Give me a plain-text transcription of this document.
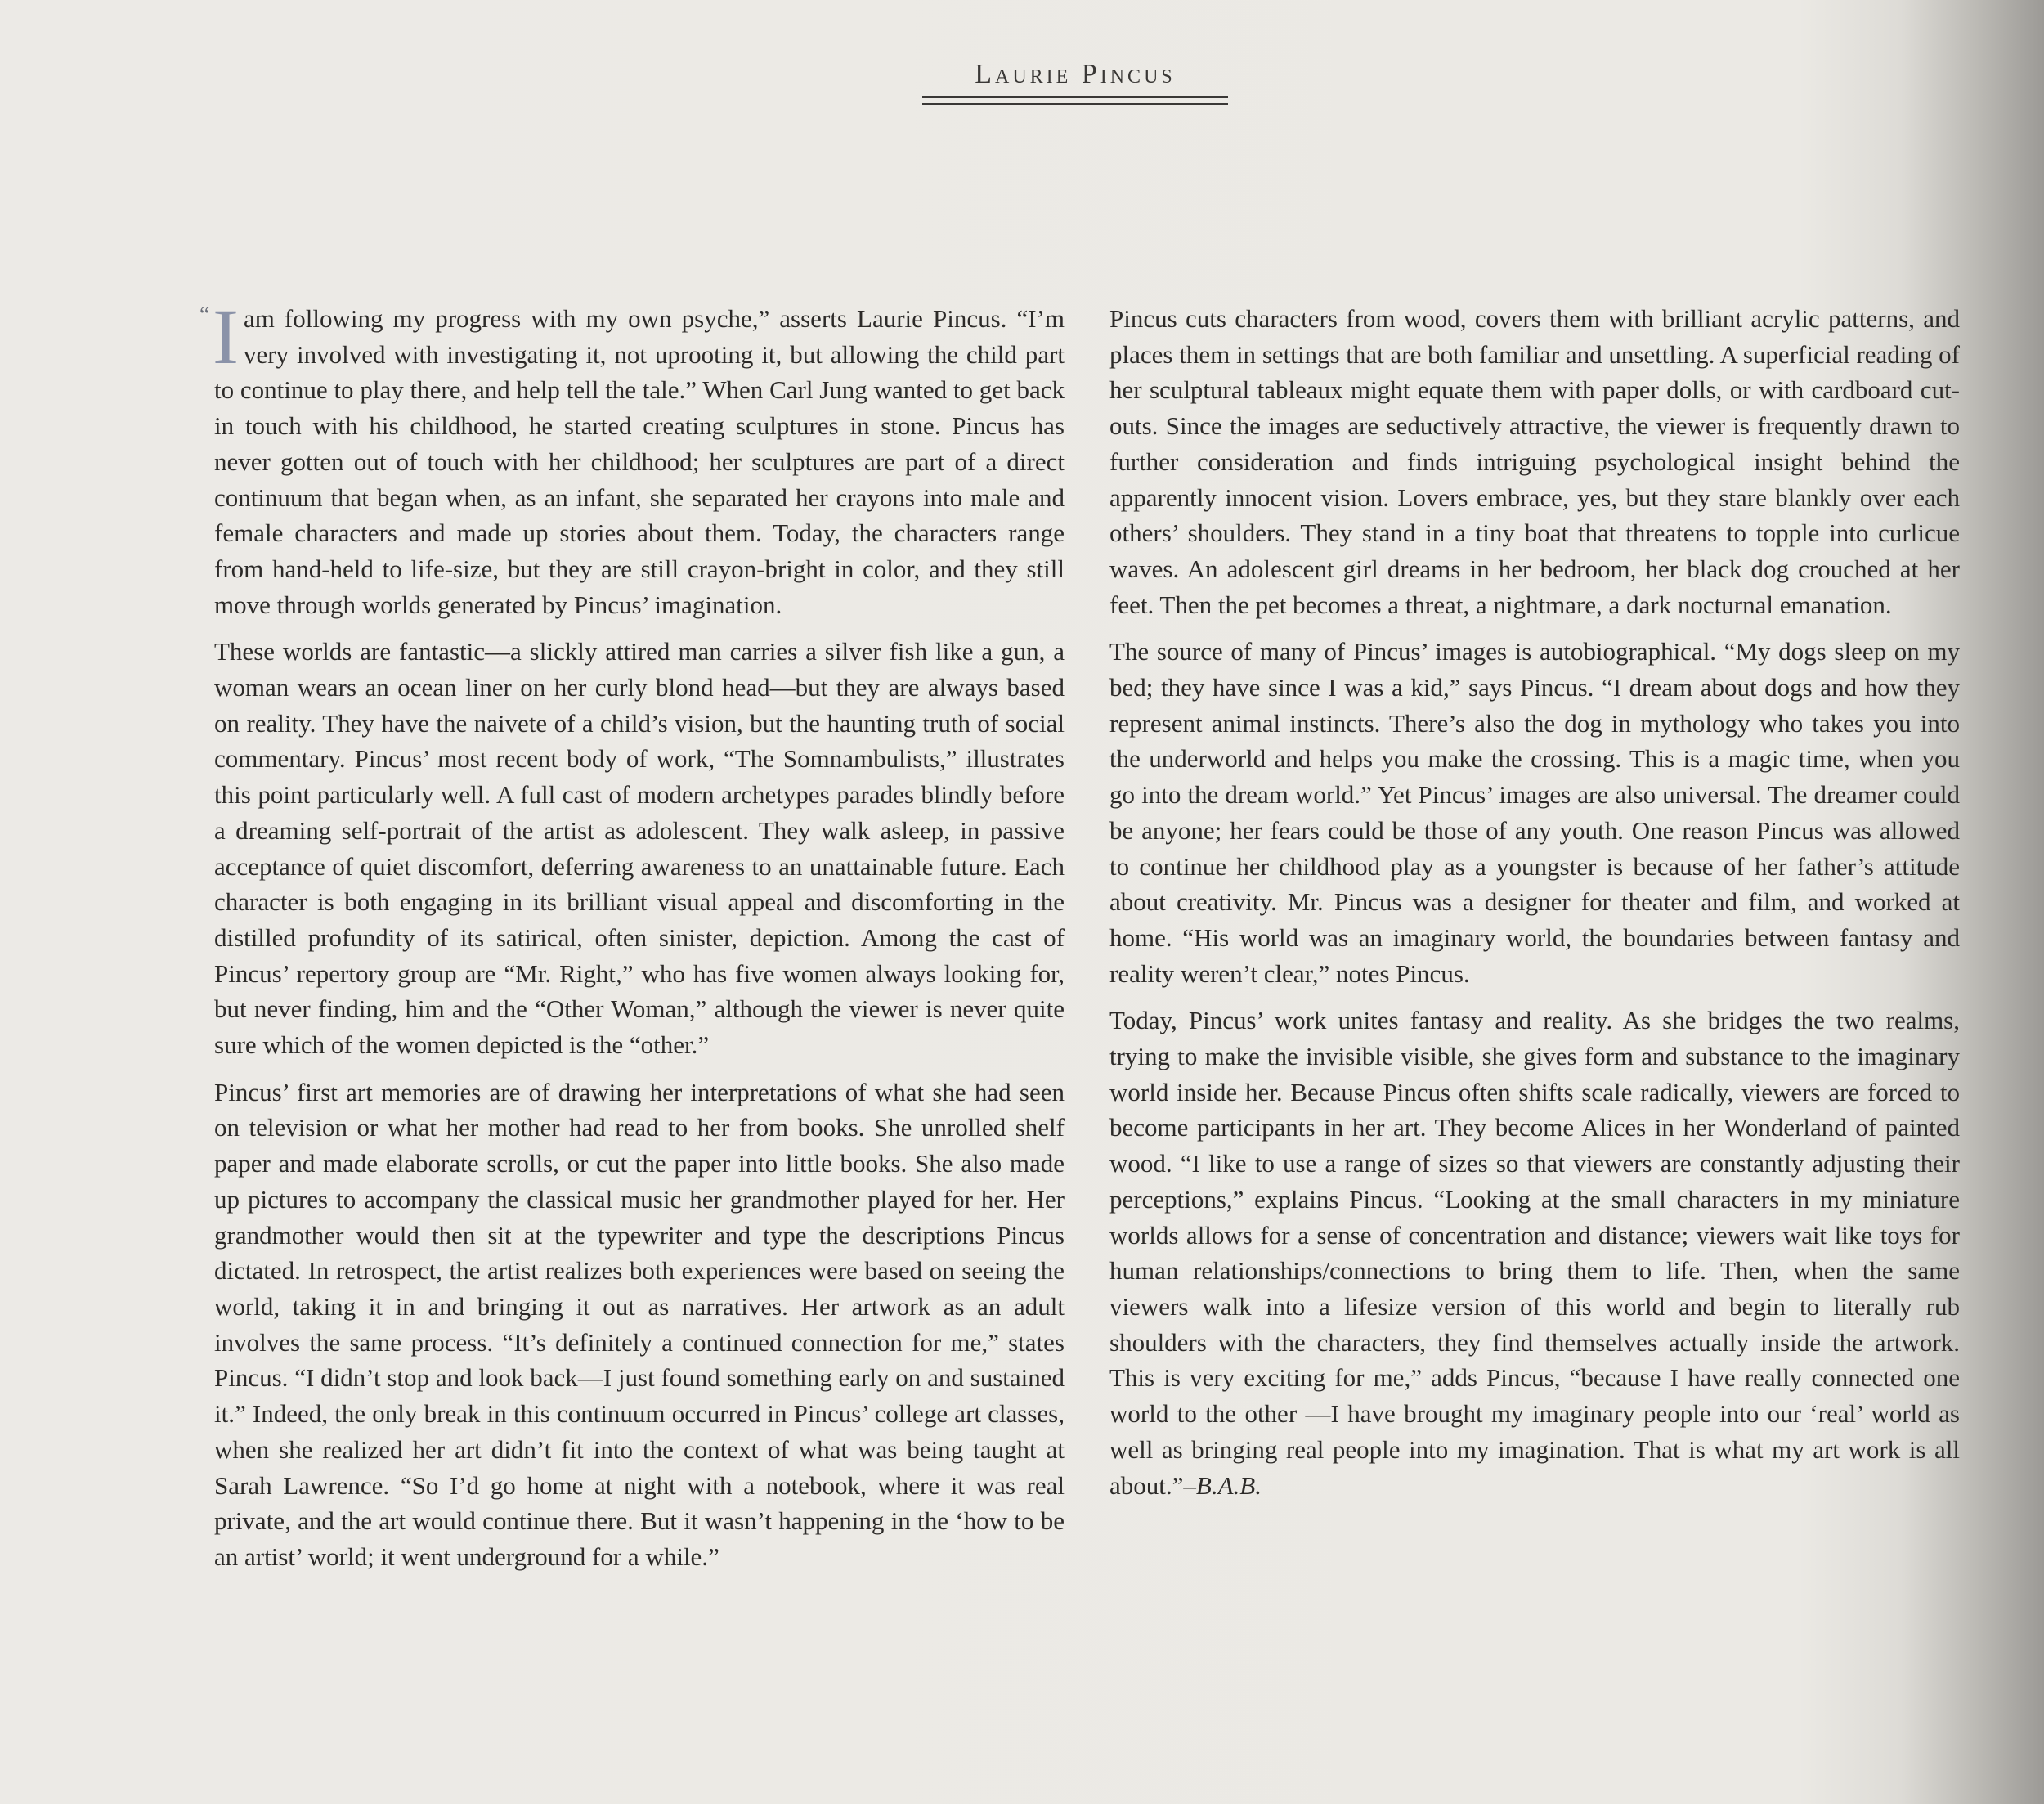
Laurie Pincus

“ I am following my progress with my own psyche,” asserts Laurie Pincus. “I’m very involved with investigating it, not uprooting it, but allowing the child part to continue to play there, and help tell the tale.” When Carl Jung wanted to get back in touch with his childhood, he started creating sculptures in stone. Pincus has never gotten out of touch with her childhood; her sculptures are part of a direct continuum that began when, as an infant, she separated her crayons into male and female characters and made up stories about them. Today, the characters range from hand-held to life-size, but they are still crayon-bright in color, and they still move through worlds generated by Pincus’ imagination.

These worlds are fantastic—a slickly attired man carries a silver fish like a gun, a woman wears an ocean liner on her curly blond head—but they are always based on reality. They have the naivete of a child’s vision, but the haunting truth of social commentary. Pincus’ most recent body of work, “The Somnambulists,” illustrates this point particularly well. A full cast of modern archetypes parades blindly before a dreaming self-portrait of the artist as adolescent. They walk asleep, in passive acceptance of quiet discomfort, deferring awareness to an unattainable future. Each character is both engaging in its brilliant visual appeal and discomforting in the distilled profundity of its satirical, often sinister, depiction. Among the cast of Pincus’ repertory group are “Mr. Right,” who has five women always looking for, but never finding, him and the “Other Woman,” although the viewer is never quite sure which of the women depicted is the “other.”

Pincus’ first art memories are of drawing her interpretations of what she had seen on television or what her mother had read to her from books. She unrolled shelf paper and made elaborate scrolls, or cut the paper into little books. She also made up pictures to accompany the classical music her grandmother played for her. Her grandmother would then sit at the typewriter and type the descriptions Pincus dictated. In retrospect, the artist realizes both experiences were based on seeing the world, taking it in and bringing it out as narratives. Her artwork as an adult involves the same process. “It’s definitely a continued connection for me,” states Pincus. “I didn’t stop and look back—I just found something early on and sustained it.” Indeed, the only break in this continuum occurred in Pincus’ college art classes, when she realized her art didn’t fit into the context of what was being taught at Sarah Lawrence. “So I’d go home at night with a notebook, where it was real private, and the art would continue there. But it wasn’t happening in the ‘how to be an artist’ world; it went underground for a while.”

Pincus cuts characters from wood, covers them with brilliant acrylic patterns, and places them in settings that are both familiar and unsettling. A superficial reading of her sculptural tableaux might equate them with paper dolls, or with cardboard cut-outs. Since the images are seductively attractive, the viewer is frequently drawn to further consideration and finds intriguing psychological insight behind the apparently innocent vision. Lovers embrace, yes, but they stare blankly over each others’ shoulders. They stand in a tiny boat that threatens to topple into curlicue waves. An adolescent girl dreams in her bedroom, her black dog crouched at her feet. Then the pet becomes a threat, a nightmare, a dark nocturnal emanation.

The source of many of Pincus’ images is autobiographical. “My dogs sleep on my bed; they have since I was a kid,” says Pincus. “I dream about dogs and how they represent animal instincts. There’s also the dog in mythology who takes you into the underworld and helps you make the crossing. This is a magic time, when you go into the dream world.” Yet Pincus’ images are also universal. The dreamer could be anyone; her fears could be those of any youth. One reason Pincus was allowed to continue her childhood play as a youngster is because of her father’s attitude about creativity. Mr. Pincus was a designer for theater and film, and worked at home. “His world was an imaginary world, the boundaries between fantasy and reality weren’t clear,” notes Pincus.

Today, Pincus’ work unites fantasy and reality. As she bridges the two realms, trying to make the invisible visible, she gives form and substance to the imaginary world inside her. Because Pincus often shifts scale radically, viewers are forced to become participants in her art. They become Alices in her Wonderland of painted wood. “I like to use a range of sizes so that viewers are constantly adjusting their perceptions,” explains Pincus. “Looking at the small characters in my miniature worlds allows for a sense of concentration and distance; viewers wait like toys for human relationships/connections to bring them to life. Then, when the same viewers walk into a lifesize version of this world and begin to literally rub shoulders with the characters, they find themselves actually inside the artwork. This is very exciting for me,” adds Pincus, “because I have really connected one world to the other —I have brought my imaginary people into our ‘real’ world as well as bringing real people into my imagination. That is what my art work is all about.”–B.A.B.
